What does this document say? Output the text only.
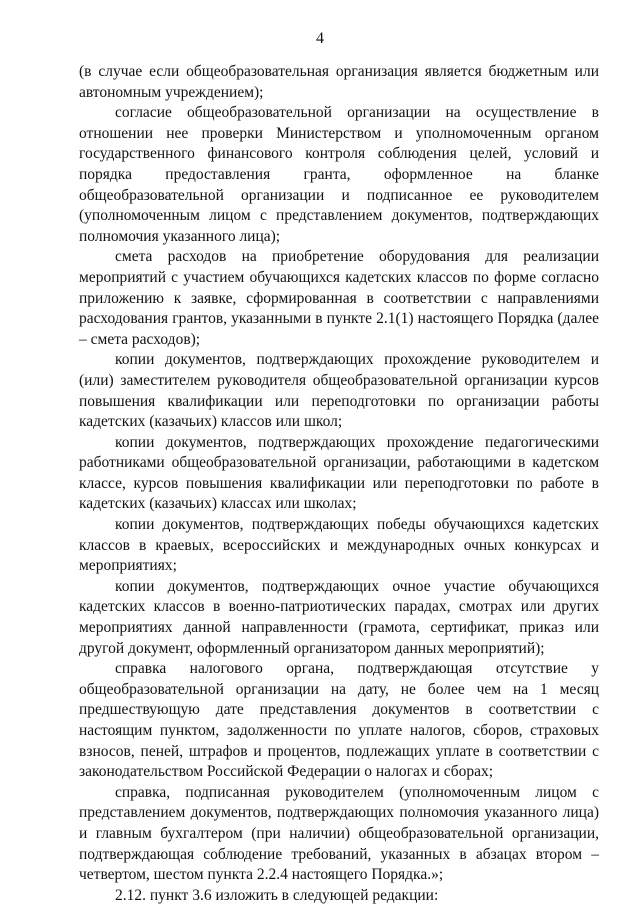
4

(в случае если общеобразовательная организация является бюджетным или автономным учреждением);

согласие общеобразовательной организации на осуществление в отношении нее проверки Министерством и уполномоченным органом государственного финансового контроля соблюдения целей, условий и порядка предоставления гранта, оформленное на бланке общеобразовательной организации и подписанное ее руководителем (уполномоченным лицом с представлением документов, подтверждающих полномочия указанного лица);

смета расходов на приобретение оборудования для реализации мероприятий с участием обучающихся кадетских классов по форме согласно приложению к заявке, сформированная в соответствии с направлениями расходования грантов, указанными в пункте 2.1(1) настоящего Порядка (далее – смета расходов);

копии документов, подтверждающих прохождение руководителем и (или) заместителем руководителя общеобразовательной организации курсов повышения квалификации или переподготовки по организации работы кадетских (казачьих) классов или школ;

копии документов, подтверждающих прохождение педагогическими работниками общеобразовательной организации, работающими в кадетском классе, курсов повышения квалификации или переподготовки по работе в кадетских (казачьих) классах или школах;

копии документов, подтверждающих победы обучающихся кадетских классов в краевых, всероссийских и международных очных конкурсах и мероприятиях;

копии документов, подтверждающих очное участие обучающихся кадетских классов в военно-патриотических парадах, смотрах или других мероприятиях данной направленности (грамота, сертификат, приказ или другой документ, оформленный организатором данных мероприятий);

справка налогового органа, подтверждающая отсутствие у общеобразовательной организации на дату, не более чем на 1 месяц предшествующую дате представления документов в соответствии с настоящим пунктом, задолженности по уплате налогов, сборов, страховых взносов, пеней, штрафов и процентов, подлежащих уплате в соответствии с законодательством Российской Федерации о налогах и сборах;

справка, подписанная руководителем (уполномоченным лицом с представлением документов, подтверждающих полномочия указанного лица) и главным бухгалтером (при наличии) общеобразовательной организации, подтверждающая соблюдение требований, указанных в абзацах втором – четвертом, шестом пункта 2.2.4 настоящего Порядка.»;

2.12. пункт 3.6 изложить в следующей редакции:
